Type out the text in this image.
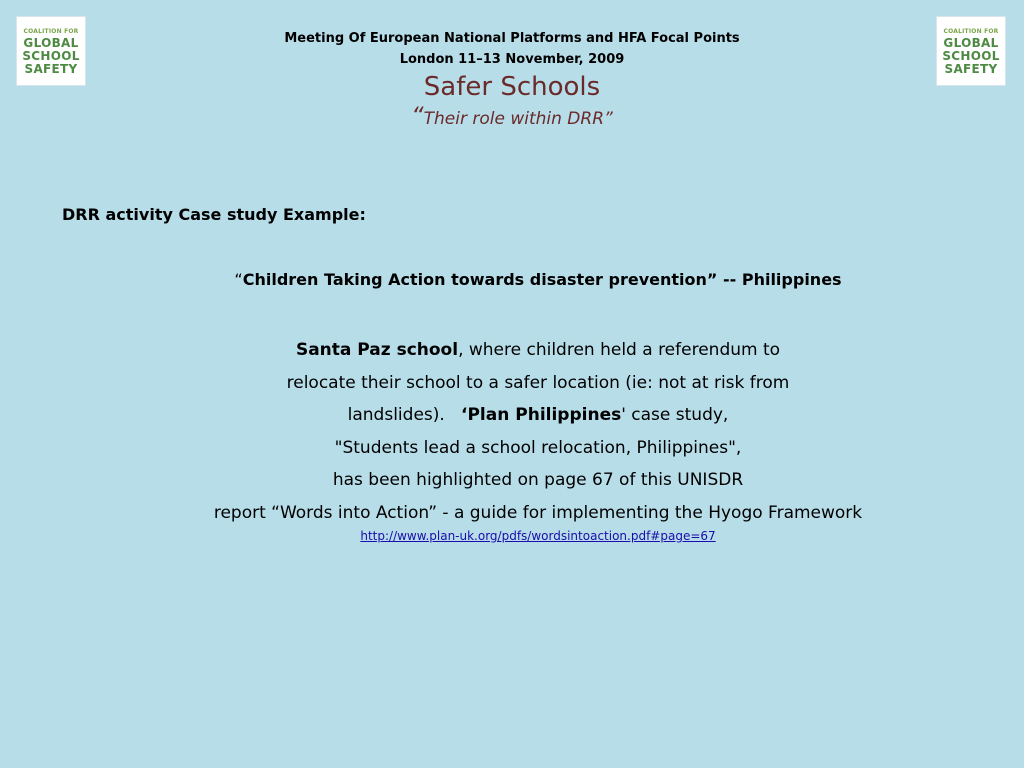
COALITION FOR
GLOBAL
SCHOOL
SAFETY
COALITION FOR
GLOBAL
SCHOOL
SAFETY
Meeting Of European National Platforms and HFA Focal Points
London 11–13 November, 2009
Safer Schools
“Their role within DRR”
DRR activity Case study Example:
“Children Taking Action towards disaster prevention” -- Philippines
Santa Paz school, where children held a referendum to
relocate their school to a safer location (ie: not at risk from
landslides).   ‘Plan Philippines' case study,
"Students lead a school relocation, Philippines",
has been highlighted on page 67 of this UNISDR
report “Words into Action” - a guide for implementing the Hyogo Framework
http://www.plan-uk.org/pdfs/wordsintoaction.pdf#page=67
